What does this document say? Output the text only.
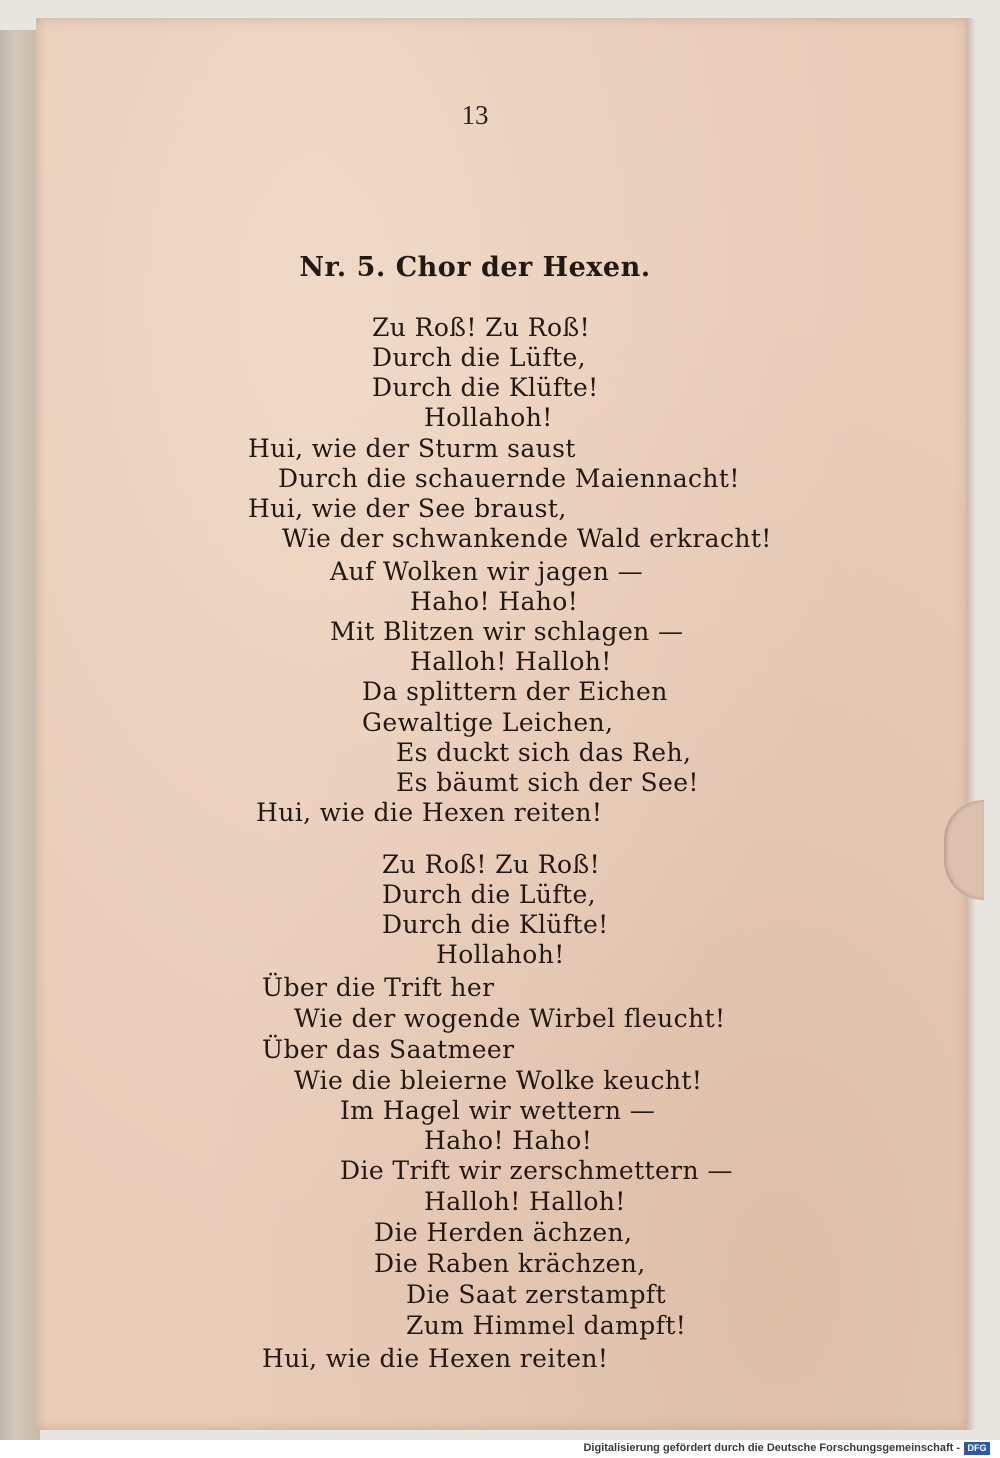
13
Nr. 5. Chor der Hexen.
Zu Roß! Zu Roß!
Durch die Lüfte,
Durch die Klüfte!
Hollahoh!
Hui, wie der Sturm saust
Durch die schauernde Maiennacht!
Hui, wie der See braust,
Wie der schwankende Wald erkracht!
Auf Wolken wir jagen —
Haho! Haho!
Mit Blitzen wir schlagen —
Halloh! Halloh!
Da splittern der Eichen
Gewaltige Leichen,
Es duckt sich das Reh,
Es bäumt sich der See!
Hui, wie die Hexen reiten!
Zu Roß! Zu Roß!
Durch die Lüfte,
Durch die Klüfte!
Hollahoh!
Über die Trift her
Wie der wogende Wirbel fleucht!
Über das Saatmeer
Wie die bleierne Wolke keucht!
Im Hagel wir wettern —
Haho! Haho!
Die Trift wir zerschmettern —
Halloh! Halloh!
Die Herden ächzen,
Die Raben krächzen,
Die Saat zerstampft
Zum Himmel dampft!
Hui, wie die Hexen reiten!
Digitalisierung gefördert durch die Deutsche Forschungsgemeinschaft - DFG
